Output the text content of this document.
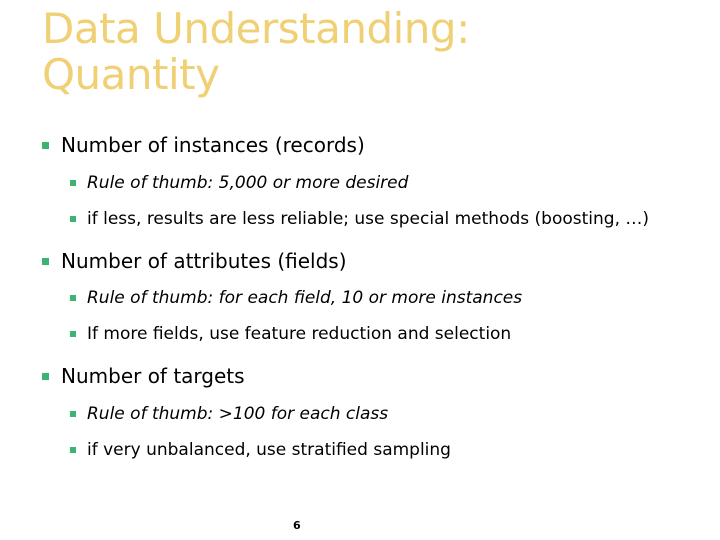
Data Understanding:
Quantity
Number of instances (records)
Rule of thumb: 5,000 or more desired
if less, results are less reliable; use special methods (boosting, …)
Number of attributes (fields)
Rule of thumb: for each field, 10 or more instances
If more fields, use feature reduction and selection
Number of targets
Rule of thumb: >100 for each class
if very unbalanced, use stratified sampling
6
